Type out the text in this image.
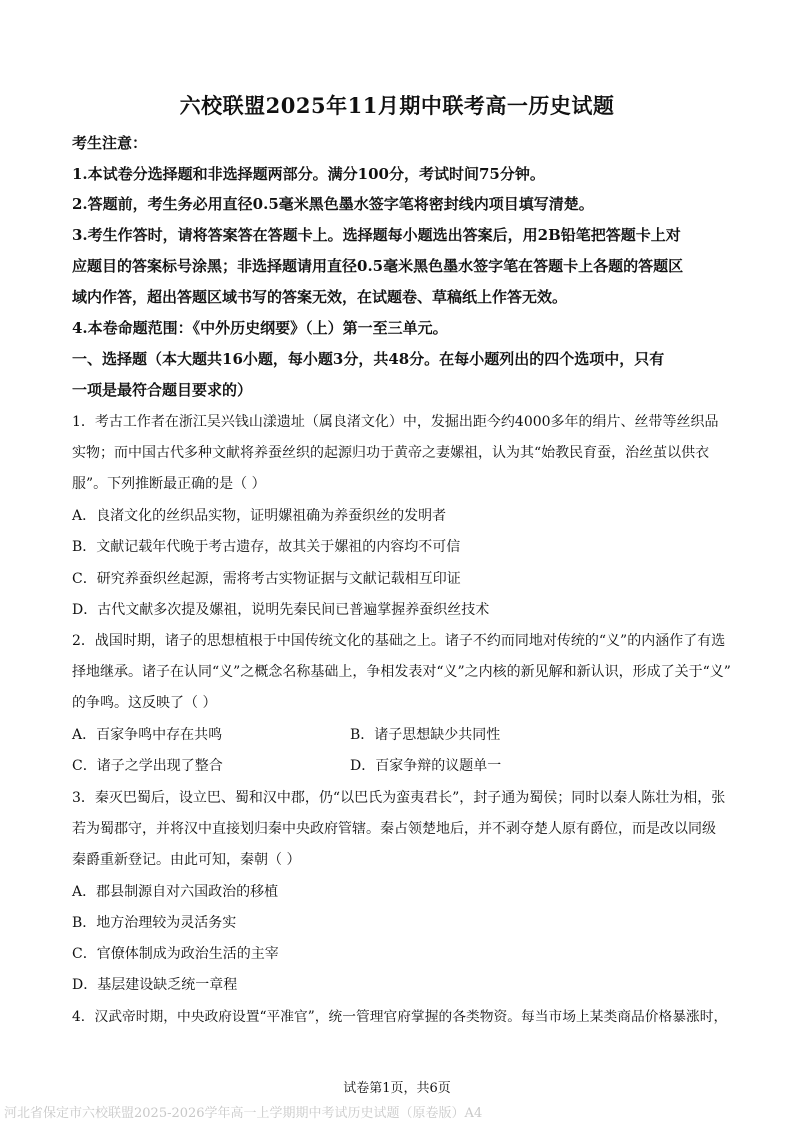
六校联盟2025年11月期中联考高一历史试题
考生注意：
1.本试卷分选择题和非选择题两部分。满分100分，考试时间75分钟。
2.答题前，考生务必用直径0.5毫米黑色墨水签字笔将密封线内项目填写清楚。
3.考生作答时，请将答案答在答题卡上。选择题每小题选出答案后，用2B铅笔把答题卡上对
应题目的答案标号涂黑；非选择题请用直径0.5毫米黑色墨水签字笔在答题卡上各题的答题区
域内作答，超出答题区域书写的答案无效，在试题卷、草稿纸上作答无效。
4.本卷命题范围：《中外历史纲要》（上）第一至三单元。
一、选择题（本大题共16小题，每小题3分，共48分。在每小题列出的四个选项中，只有
一项是最符合题目要求的）
1．考古工作者在浙江吴兴钱山漾遗址（属良渚文化）中，发掘出距今约4000多年的绢片、丝带等丝织品
实物；而中国古代多种文献将养蚕丝织的起源归功于黄帝之妻嫘祖，认为其“始教民育蚕，治丝茧以供衣
服”。下列推断最正确的是（ ）
A．良渚文化的丝织品实物，证明嫘祖确为养蚕织丝的发明者
B．文献记载年代晚于考古遗存，故其关于嫘祖的内容均不可信
C．研究养蚕织丝起源，需将考古实物证据与文献记载相互印证
D．古代文献多次提及嫘祖，说明先秦民间已普遍掌握养蚕织丝技术
2．战国时期，诸子的思想植根于中国传统文化的基础之上。诸子不约而同地对传统的“义”的内涵作了有选
择地继承。诸子在认同“义”之概念名称基础上，争相发表对“义”之内核的新见解和新认识，形成了关于“义”
的争鸣。这反映了（ ）
A．百家争鸣中存在共鸣	B．诸子思想缺少共同性
C．诸子之学出现了整合	D．百家争辩的议题单一
3．秦灭巴蜀后，设立巴、蜀和汉中郡，仍“以巴氏为蛮夷君长”，封子通为蜀侯；同时以秦人陈壮为相，张
若为蜀郡守，并将汉中直接划归秦中央政府管辖。秦占领楚地后，并不剥夺楚人原有爵位，而是改以同级
秦爵重新登记。由此可知，秦朝（ ）
A．郡县制源自对六国政治的移植
B．地方治理较为灵活务实
C．官僚体制成为政治生活的主宰
D．基层建设缺乏统一章程
4．汉武帝时期，中央政府设置“平准官”，统一管理官府掌握的各类物资。每当市场上某类商品价格暴涨时，
试卷第1页，共6页
河北省保定市六校联盟2025-2026学年高一上学期期中考试历史试题（原卷版）A4
